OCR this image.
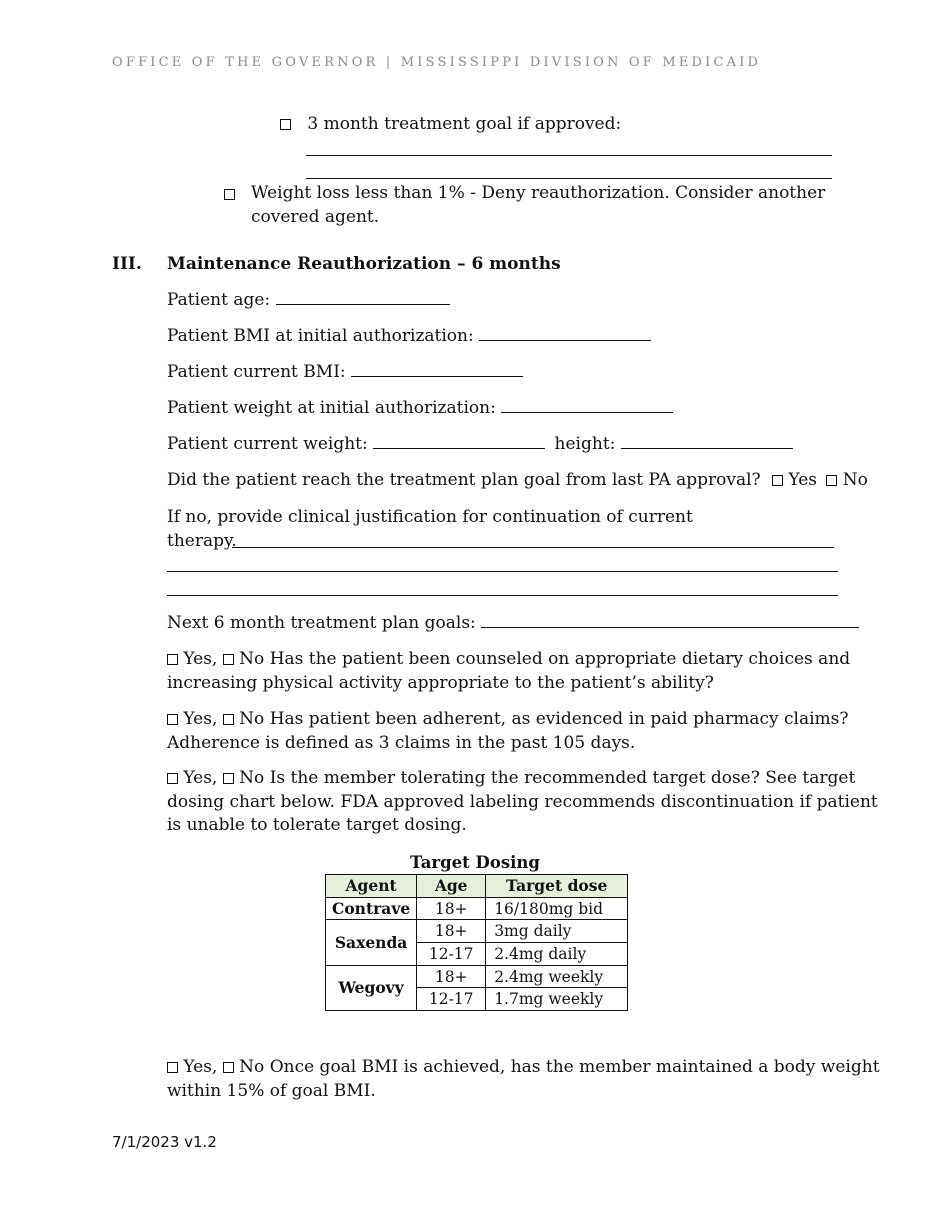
OFFICE OF THE GOVERNOR | MISSISSIPPI DIVISION OF MEDICAID
3 month treatment goal if approved:
Weight loss less than 1% - Deny reauthorization. Consider another
covered agent.
III. Maintenance Reauthorization – 6 months
Patient age:
Patient BMI at initial authorization:
Patient current BMI:
Patient weight at initial authorization:
Patient current weight:	height:
Did the patient reach the treatment plan goal from last PA approval? Yes No
If no, provide clinical justification for continuation of current
therapy.
Next 6 month treatment plan goals:
Yes, No Has the patient been counseled on appropriate dietary choices and
increasing physical activity appropriate to the patient’s ability?
Yes, No Has patient been adherent, as evidenced in paid pharmacy claims?
Adherence is defined as 3 claims in the past 105 days.
Yes, No Is the member tolerating the recommended target dose? See target
dosing chart below. FDA approved labeling recommends discontinuation if patient
is unable to tolerate target dosing.
Target Dosing
Agent	Age	Target dose
Contrave	18+	16/180mg bid
Saxenda	18+	3mg daily
	12-17	2.4mg daily
Wegovy	18+	2.4mg weekly
	12-17	1.7mg weekly
Yes, No Once goal BMI is achieved, has the member maintained a body weight
within 15% of goal BMI.
7/1/2023 v1.2
